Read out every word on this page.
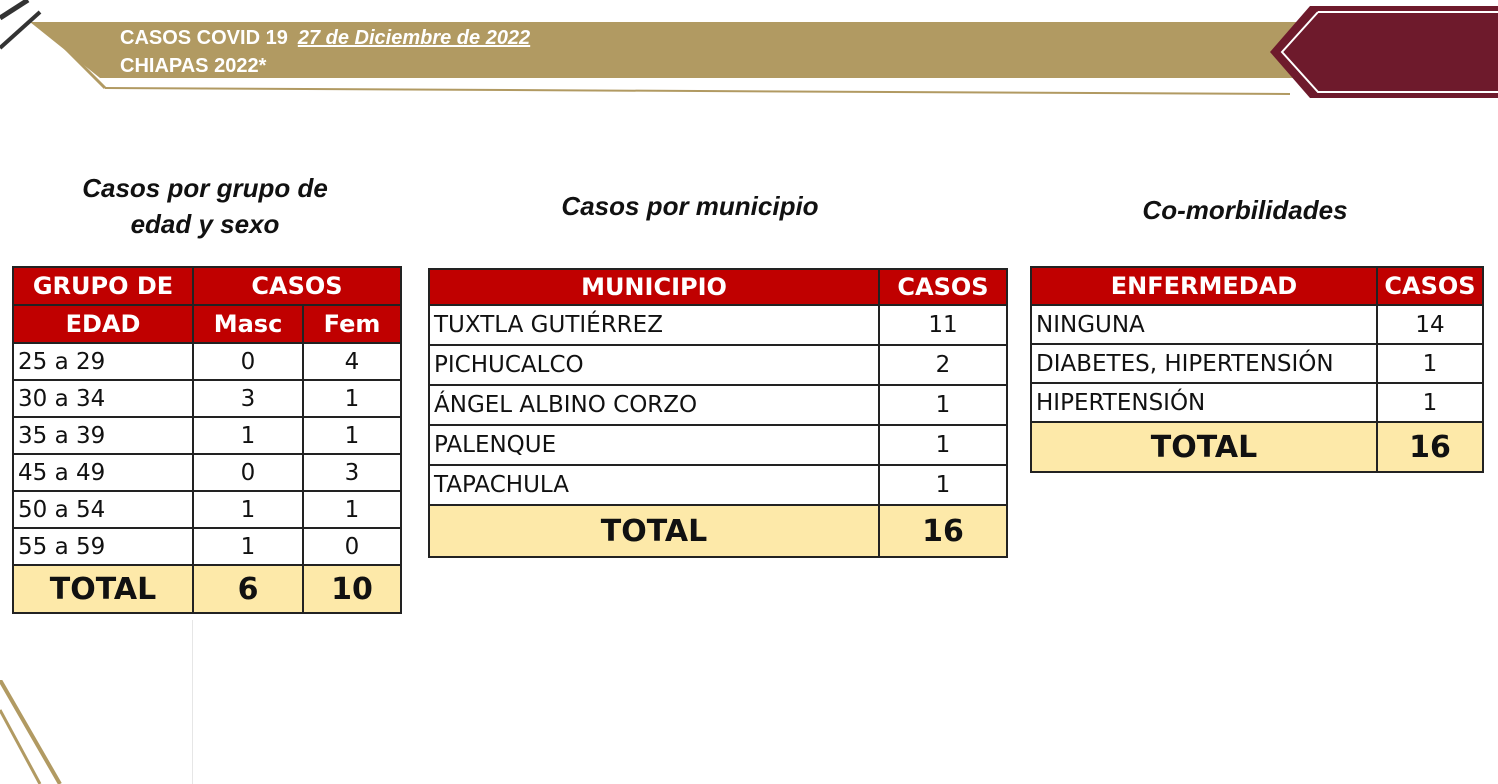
CASOS COVID 19 27 de Diciembre de 2022
CHIAPAS 2022*
Casos por grupo de
edad y sexo
Casos por municipio	Co-morbilidades
GRUPO DE	CASOS	
EDAD	Masc	Fem
25 a 29	0	4
30 a 34	3	1
35 a 39	1	1
45 a 49	0	3
50 a 54	1	1
55 a 59	1	0
TOTAL	6	10
MUNICIPIO	CASOS
TUXTLA GUTIÉRREZ	11
PICHUCALCO	2
ÁNGEL ALBINO CORZO	1
PALENQUE	1
TAPACHULA	1
TOTAL	16
ENFERMEDAD	CASOS
NINGUNA	14
DIABETES, HIPERTENSIÓN	1
HIPERTENSIÓN	1
TOTAL	16
